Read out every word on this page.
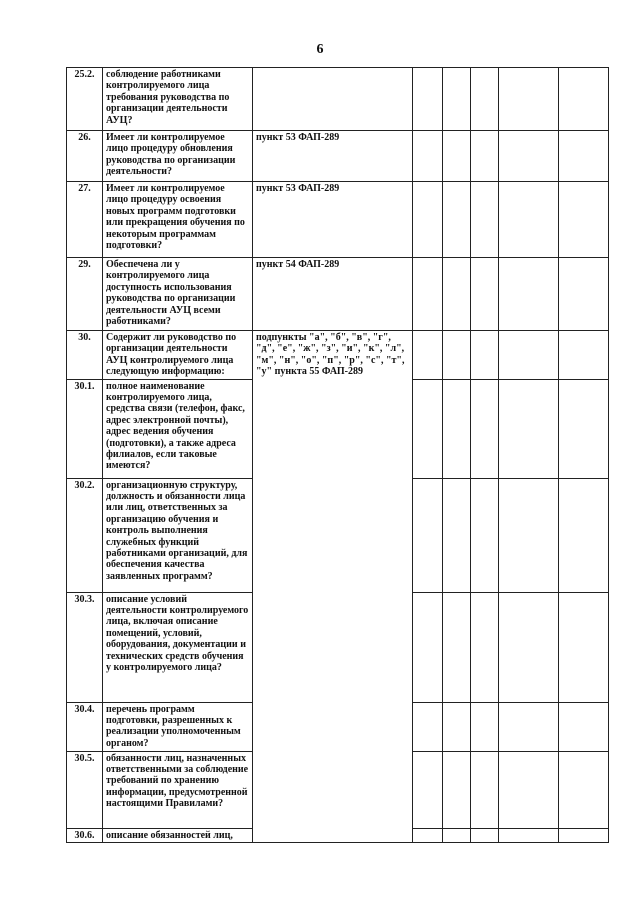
6
25.2.	соблюдение работниками контролируемого лица требования руководства по организации деятельности АУЦ?						
26.	Имеет ли контролируемое лицо процедуру обновления руководства по организации деятельности?	пункт 53 ФАП-289					
27.	Имеет ли контролируемое лицо процедуру освоения новых программ подготовки или прекращения обучения по некоторым программам подготовки?	пункт 53 ФАП-289					
29.	Обеспечена ли у контролируемого лица доступность использования руководства по организации деятельности АУЦ всеми работниками?	пункт 54 ФАП-289					
30.	Содержит ли руководство по организации деятельности АУЦ контролируемого лица следующую информацию:	подпункты "а", "б", "в", "г", "д", "е", "ж", "з", "и", "к", "л", "м", "н", "о", "п", "р", "с", "т", "у" пункта 55 ФАП-289					
30.1.	полное наименование контролируемого лица, средства связи (телефон, факс, адрес электронной почты), адрес ведения обучения (подготовки), а также адреса филиалов, если таковые имеются?						
30.2.	организационную структуру, должность и обязанности лица или лиц, ответственных за организацию обучения и контроль выполнения служебных функций работниками организаций, для обеспечения качества заявленных программ?						
30.3.	описание условий деятельности контролируемого лица, включая описание помещений, условий, оборудования, документации и технических средств обучения у контролируемого лица?						
30.4.	перечень программ подготовки, разрешенных к реализации уполномоченным органом?						
30.5.	обязанности лиц, назначенных ответственными за соблюдение требований по хранению информации, предусмотренной настоящими Правилами?						
30.6.	описание обязанностей лиц,						
